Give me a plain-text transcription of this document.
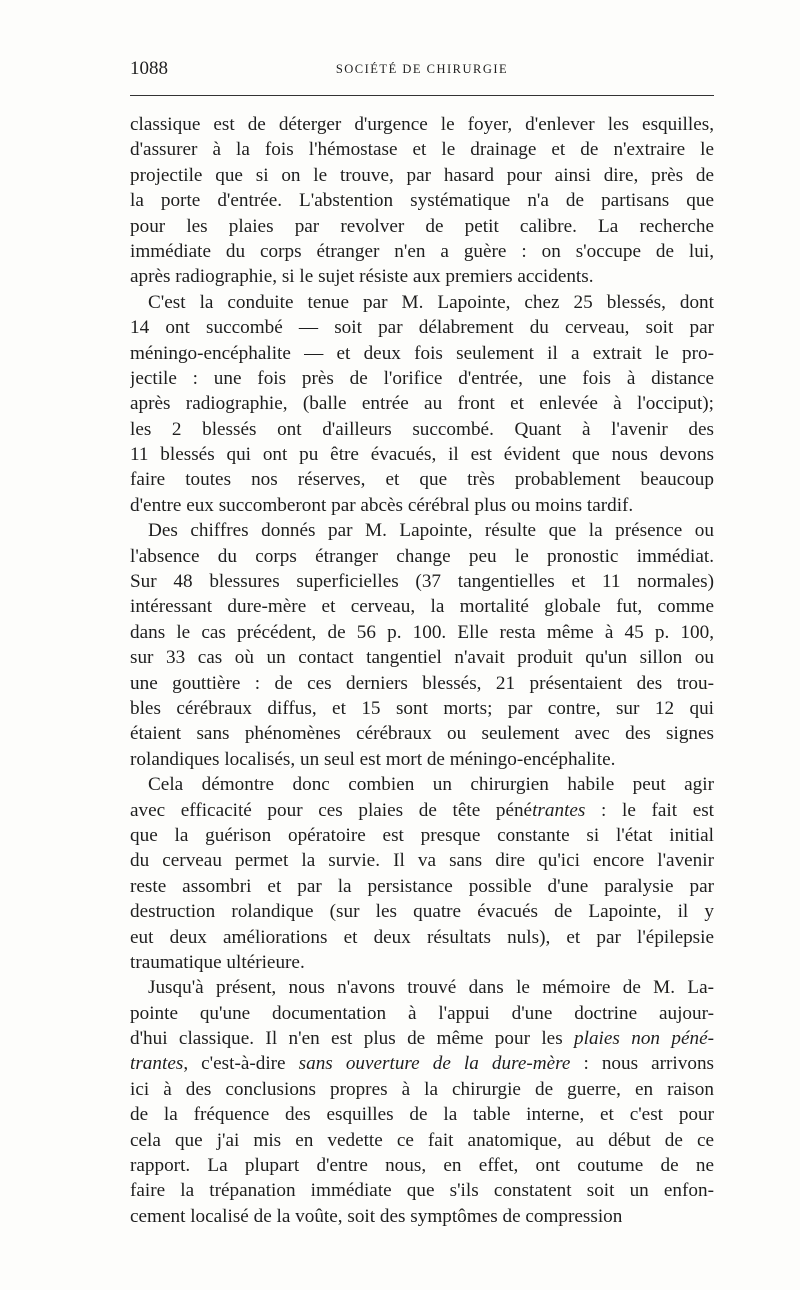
1088	SOCIÉTÉ DE CHIRURGIE
classique est de déterger d'urgence le foyer, d'enlever les esquilles,
d'assurer à la fois l'hémostase et le drainage et de n'extraire le
projectile que si on le trouve, par hasard pour ainsi dire, près de
la porte d'entrée. L'abstention systématique n'a de partisans que
pour les plaies par revolver de petit calibre. La recherche
immédiate du corps étranger n'en a guère : on s'occupe de lui,
après radiographie, si le sujet résiste aux premiers accidents.
C'est la conduite tenue par M. Lapointe, chez 25 blessés, dont
14 ont succombé — soit par délabrement du cerveau, soit par
méningo-encéphalite — et deux fois seulement il a extrait le pro-
jectile : une fois près de l'orifice d'entrée, une fois à distance
après radiographie, (balle entrée au front et enlevée à l'occiput);
les 2 blessés ont d'ailleurs succombé. Quant à l'avenir des
11 blessés qui ont pu être évacués, il est évident que nous devons
faire toutes nos réserves, et que très probablement beaucoup
d'entre eux succomberont par abcès cérébral plus ou moins tardif.
Des chiffres donnés par M. Lapointe, résulte que la présence ou
l'absence du corps étranger change peu le pronostic immédiat.
Sur 48 blessures superficielles (37 tangentielles et 11 normales)
intéressant dure-mère et cerveau, la mortalité globale fut, comme
dans le cas précédent, de 56 p. 100. Elle resta même à 45 p. 100,
sur 33 cas où un contact tangentiel n'avait produit qu'un sillon ou
une gouttière : de ces derniers blessés, 21 présentaient des trou-
bles cérébraux diffus, et 15 sont morts; par contre, sur 12 qui
étaient sans phénomènes cérébraux ou seulement avec des signes
rolandiques localisés, un seul est mort de méningo-encéphalite.
Cela démontre donc combien un chirurgien habile peut agir
avec efficacité pour ces plaies de tête pénétrantes : le fait est
que la guérison opératoire est presque constante si l'état initial
du cerveau permet la survie. Il va sans dire qu'ici encore l'avenir
reste assombri et par la persistance possible d'une paralysie par
destruction rolandique (sur les quatre évacués de Lapointe, il y
eut deux améliorations et deux résultats nuls), et par l'épilepsie
traumatique ultérieure.
Jusqu'à présent, nous n'avons trouvé dans le mémoire de M. La-
pointe qu'une documentation à l'appui d'une doctrine aujour-
d'hui classique. Il n'en est plus de même pour les plaies non péné-
trantes, c'est-à-dire sans ouverture de la dure-mère : nous arrivons
ici à des conclusions propres à la chirurgie de guerre, en raison
de la fréquence des esquilles de la table interne, et c'est pour
cela que j'ai mis en vedette ce fait anatomique, au début de ce
rapport. La plupart d'entre nous, en effet, ont coutume de ne
faire la trépanation immédiate que s'ils constatent soit un enfon-
cement localisé de la voûte, soit des symptômes de compression
